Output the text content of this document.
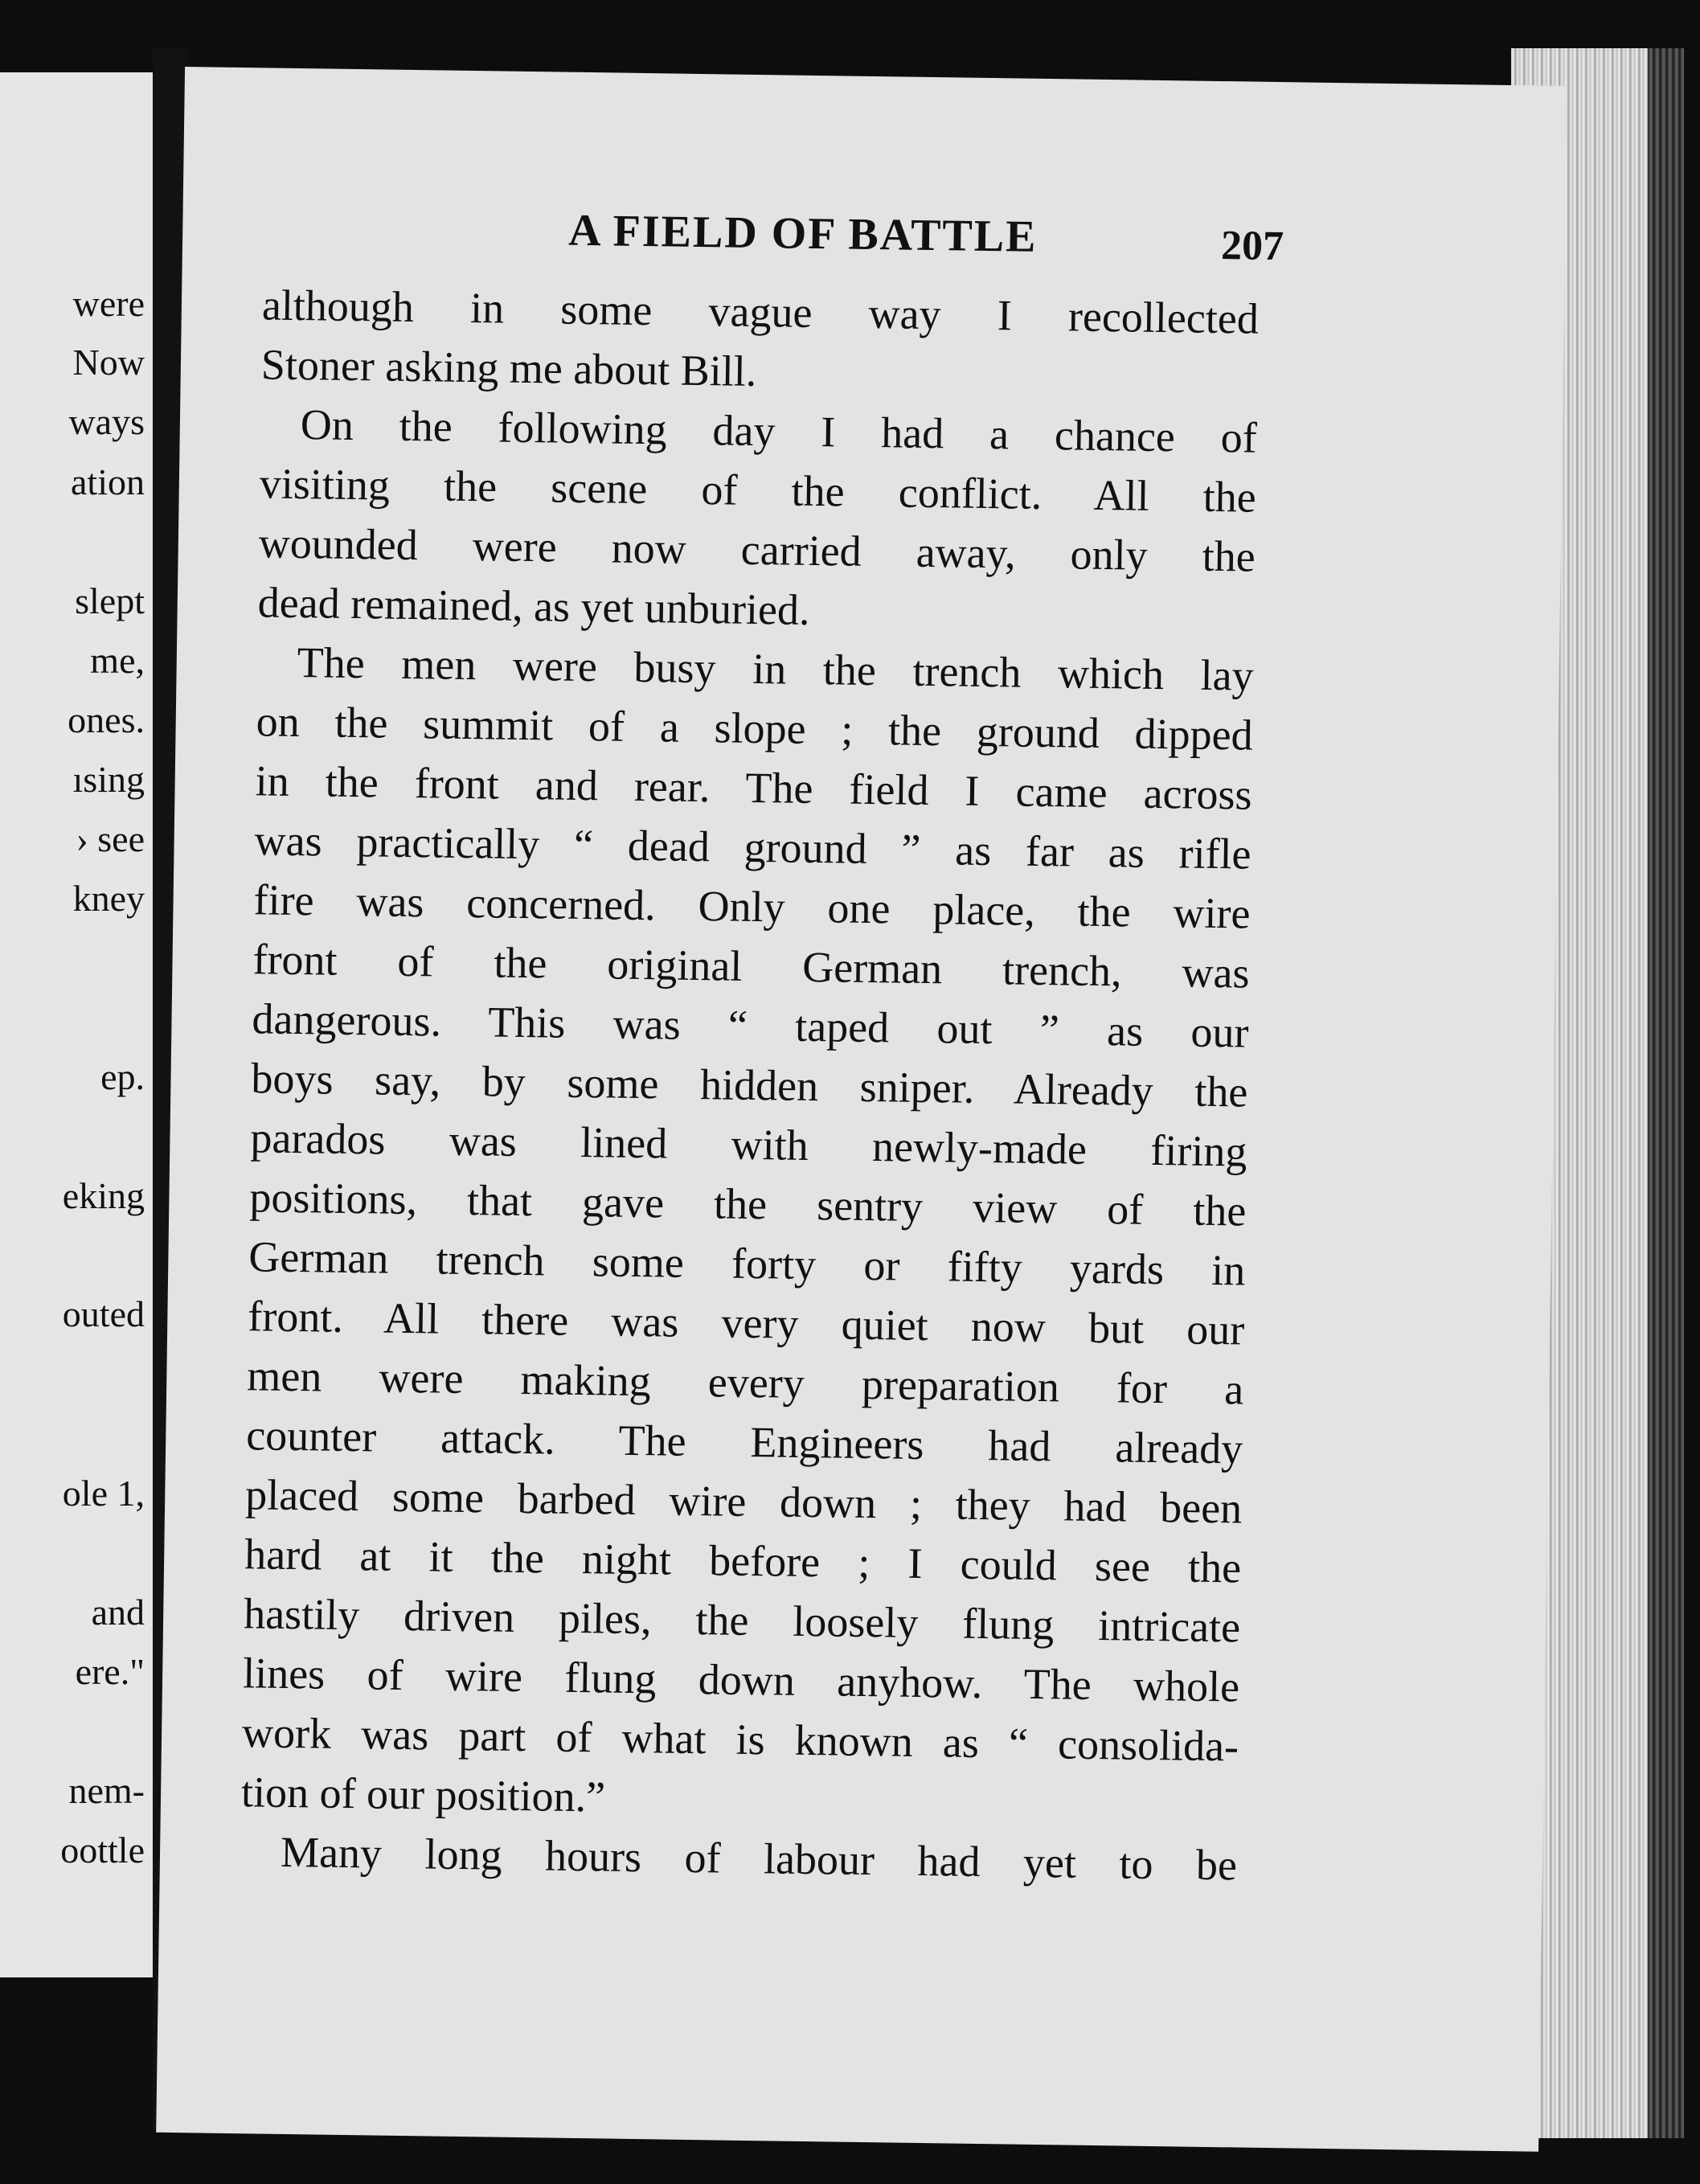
were
Now
ways
ation
slept
me,
ones.
ısing
› see
kney
ep.
eking
outed
ole 1,
and
ere."
nem-
oottle
A FIELD OF BATTLE	207
although in some vague way I recollected
Stoner asking me about Bill.
On the following day I had a chance of
visiting the scene of the conflict. All the
wounded were now carried away, only the
dead remained, as yet unburied.
The men were busy in the trench which lay
on the summit of a slope ; the ground dipped
in the front and rear. The field I came across
was practically “ dead ground ” as far as rifle
fire was concerned. Only one place, the wire
front of the original German trench, was
dangerous. This was “ taped out ” as our
boys say, by some hidden sniper. Already the
parados was lined with newly-made firing
positions, that gave the sentry view of the
German trench some forty or fifty yards in
front. All there was very quiet now but our
men were making every preparation for a
counter attack. The Engineers had already
placed some barbed wire down ; they had been
hard at it the night before ; I could see the
hastily driven piles, the loosely flung intricate
lines of wire flung down anyhow. The whole
work was part of what is known as “ consolida-
tion of our position.”
Many long hours of labour had yet to be
